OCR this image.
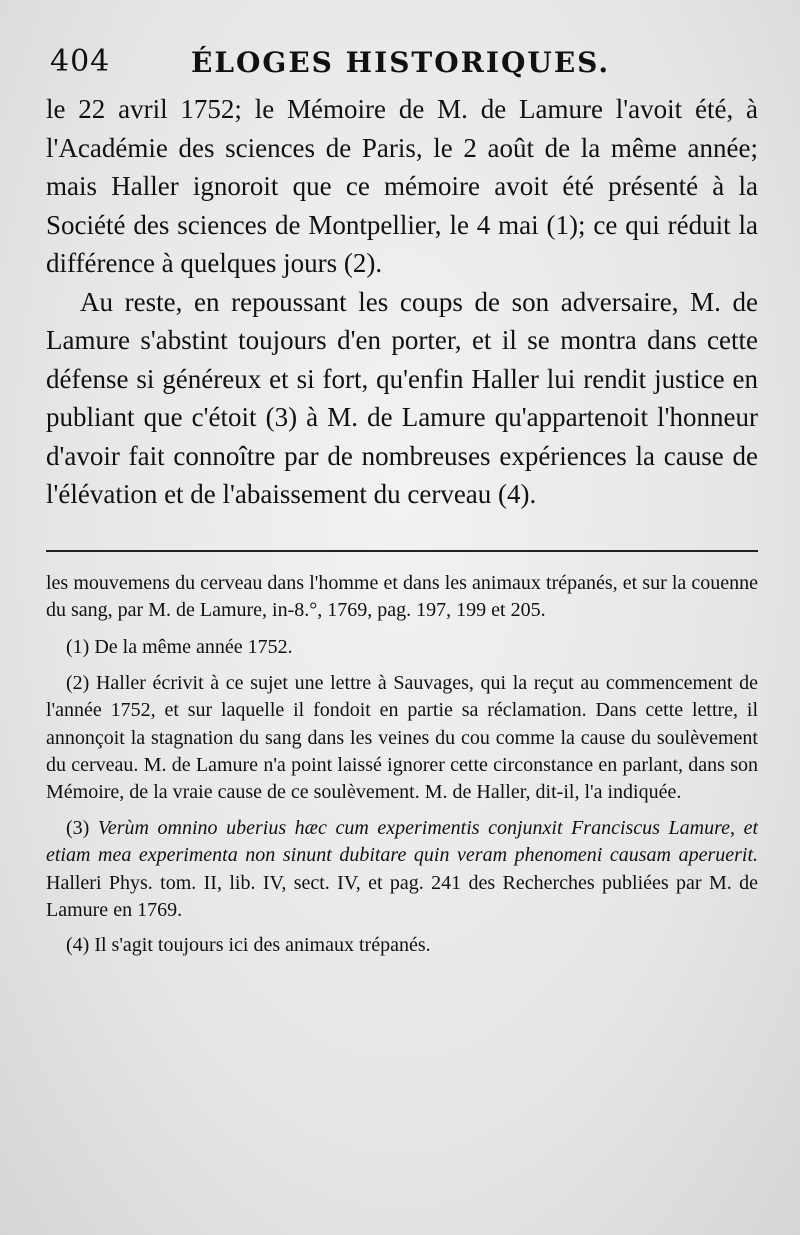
404	ÉLOGES HISTORIQUES.

le 22 avril 1752; le Mémoire de M. de Lamure l'avoit été, à l'Académie des sciences de Paris, le 2 août de la même année; mais Haller ignoroit que ce mémoire avoit été présenté à la Société des sciences de Montpellier, le 4 mai (1); ce qui réduit la différence à quelques jours (2).

Au reste, en repoussant les coups de son adversaire, M. de Lamure s'abstint toujours d'en porter, et il se montra dans cette défense si généreux et si fort, qu'enfin Haller lui rendit justice en publiant que c'étoit (3) à M. de Lamure qu'appartenoit l'honneur d'avoir fait connoître par de nombreuses expériences la cause de l'élévation et de l'abaissement du cerveau (4).

les mouvemens du cerveau dans l'homme et dans les animaux trépanés, et sur la couenne du sang, par M. de Lamure, in-8.°, 1769, pag. 197, 199 et 205.

(1) De la même année 1752.

(2) Haller écrivit à ce sujet une lettre à Sauvages, qui la reçut au commencement de l'année 1752, et sur laquelle il fondoit en partie sa réclamation. Dans cette lettre, il annonçoit la stagnation du sang dans les veines du cou comme la cause du soulèvement du cerveau. M. de Lamure n'a point laissé ignorer cette circonstance en parlant, dans son Mémoire, de la vraie cause de ce soulèvement. M. de Haller, dit-il, l'a indiquée.

(3) Verùm omnino uberius hæc cum experimentis conjunxit Franciscus Lamure, et etiam mea experimenta non sinunt dubitare quin veram phenomeni causam aperuerit. Halleri Phys. tom. II, lib. IV, sect. IV, et pag. 241 des Recherches publiées par M. de Lamure en 1769.

(4) Il s'agit toujours ici des animaux trépanés.
